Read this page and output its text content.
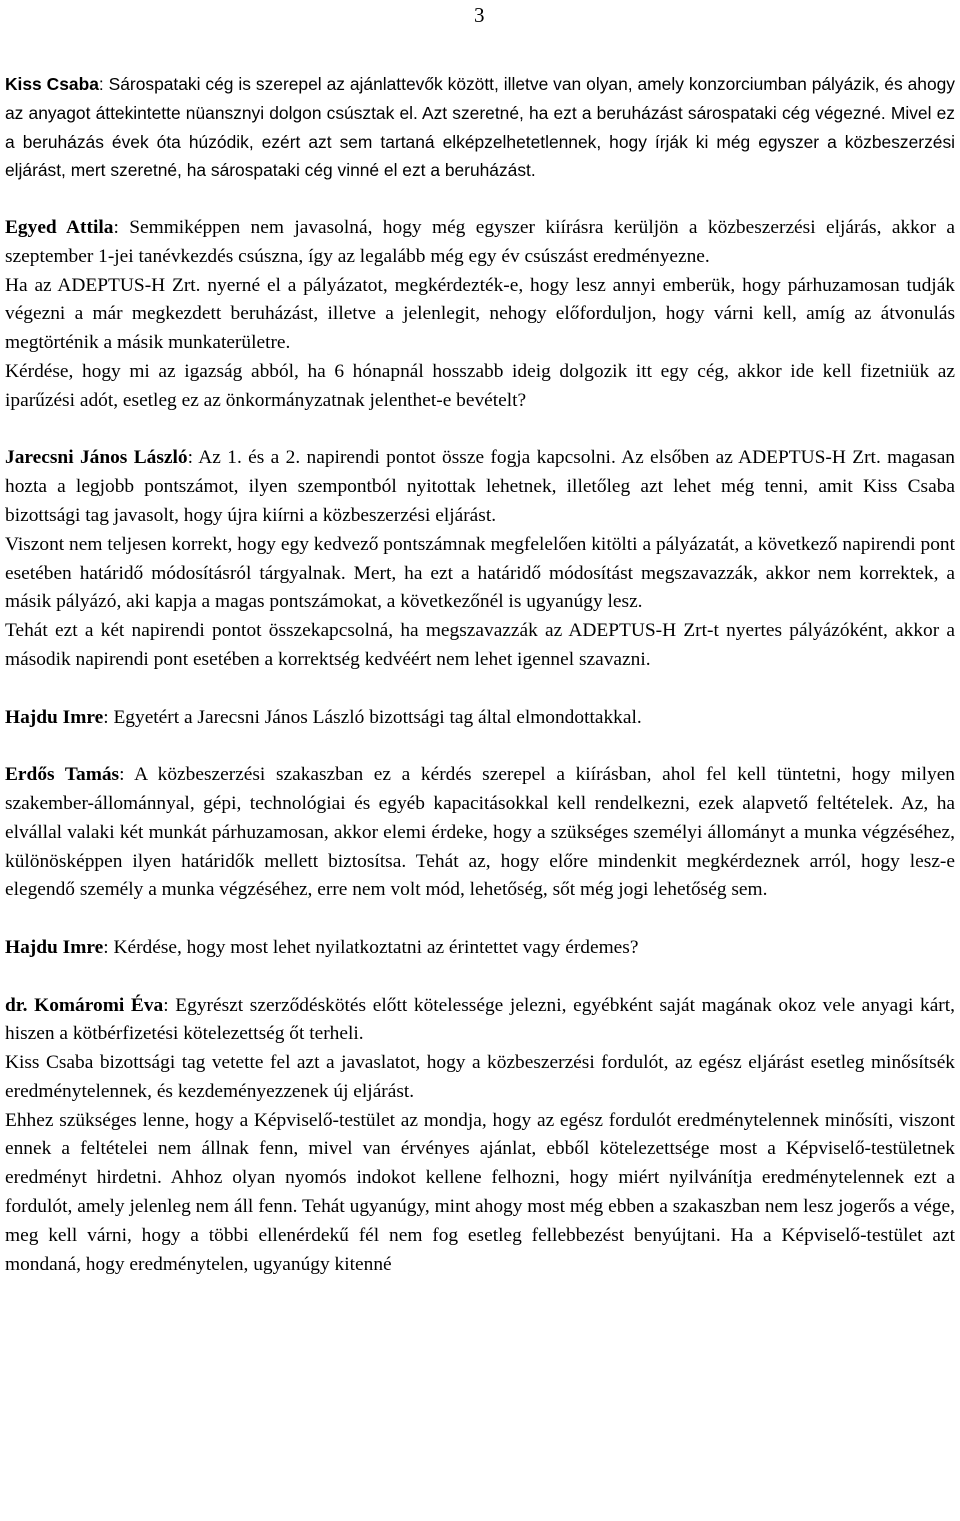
3

Kiss Csaba: Sárospataki cég is szerepel az ajánlattevők között, illetve van olyan, amely konzorciumban pályázik, és ahogy az anyagot áttekintette nüansznyi dolgon csúsztak el. Azt szeretné, ha ezt a beruházást sárospataki cég végezné. Mivel ez a beruházás évek óta húzódik, ezért azt sem tartaná elképzelhetetlennek, hogy írják ki még egyszer a közbeszerzési eljárást, mert szeretné, ha sárospataki cég vinné el ezt a beruházást.

Egyed Attila: Semmiképpen nem javasolná, hogy még egyszer kiírásra kerüljön a közbeszerzési eljárás, akkor a szeptember 1-jei tanévkezdés csúszna, így az legalább még egy év csúszást eredményezne.

Ha az ADEPTUS-H Zrt. nyerné el a pályázatot, megkérdezték-e, hogy lesz annyi emberük, hogy párhuzamosan tudják végezni a már megkezdett beruházást, illetve a jelenlegit, nehogy előforduljon, hogy várni kell, amíg az átvonulás megtörténik a másik munkaterületre.

Kérdése, hogy mi az igazság abból, ha 6 hónapnál hosszabb ideig dolgozik itt egy cég, akkor ide kell fizetniük az iparűzési adót, esetleg ez az önkormányzatnak jelenthet-e bevételt?

Jarecsni János László: Az 1. és a 2. napirendi pontot össze fogja kapcsolni. Az elsőben az ADEPTUS-H Zrt. magasan hozta a legjobb pontszámot, ilyen szempontból nyitottak lehetnek, illetőleg azt lehet még tenni, amit Kiss Csaba bizottsági tag javasolt, hogy újra kiírni a közbeszerzési eljárást.

Viszont nem teljesen korrekt, hogy egy kedvező pontszámnak megfelelően kitölti a pályázatát, a következő napirendi pont esetében határidő módosításról tárgyalnak. Mert, ha ezt a határidő módosítást megszavazzák, akkor nem korrektek, a másik pályázó, aki kapja a magas pontszámokat, a következőnél is ugyanúgy lesz.

Tehát ezt a két napirendi pontot összekapcsolná, ha megszavazzák az ADEPTUS-H Zrt-t nyertes pályázóként, akkor a második napirendi pont esetében a korrektség kedvéért nem lehet igennel szavazni.

Hajdu Imre: Egyetért a Jarecsni János László bizottsági tag által elmondottakkal.

Erdős Tamás: A közbeszerzési szakaszban ez a kérdés szerepel a kiírásban, ahol fel kell tüntetni, hogy milyen szakember-állománnyal, gépi, technológiai és egyéb kapacitásokkal kell rendelkezni, ezek alapvető feltételek. Az, ha elvállal valaki két munkát párhuzamosan, akkor elemi érdeke, hogy a szükséges személyi állományt a munka végzéséhez, különösképpen ilyen határidők mellett biztosítsa. Tehát az, hogy előre mindenkit megkérdeznek arról, hogy lesz-e elegendő személy a munka végzéséhez, erre nem volt mód, lehetőség, sőt még jogi lehetőség sem.

Hajdu Imre: Kérdése, hogy most lehet nyilatkoztatni az érintettet vagy érdemes?

dr. Komáromi Éva: Egyrészt szerződéskötés előtt kötelessége jelezni, egyébként saját magának okoz vele anyagi kárt, hiszen a kötbérfizetési kötelezettség őt terheli.

Kiss Csaba bizottsági tag vetette fel azt a javaslatot, hogy a közbeszerzési fordulót, az egész eljárást esetleg minősítsék eredménytelennek, és kezdeményezzenek új eljárást.

Ehhez szükséges lenne, hogy a Képviselő-testület az mondja, hogy az egész fordulót eredménytelennek minősíti, viszont ennek a feltételei nem állnak fenn, mivel van érvényes ajánlat, ebből kötelezettsége most a Képviselő-testületnek eredményt hirdetni. Ahhoz olyan nyomós indokot kellene felhozni, hogy miért nyilvánítja eredménytelennek ezt a fordulót, amely jelenleg nem áll fenn. Tehát ugyanúgy, mint ahogy most még ebben a szakaszban nem lesz jogerős a vége, meg kell várni, hogy a többi ellenérdekű fél nem fog esetleg fellebbezést benyújtani. Ha a Képviselő-testület azt mondaná, hogy eredménytelen, ugyanúgy kitenné
